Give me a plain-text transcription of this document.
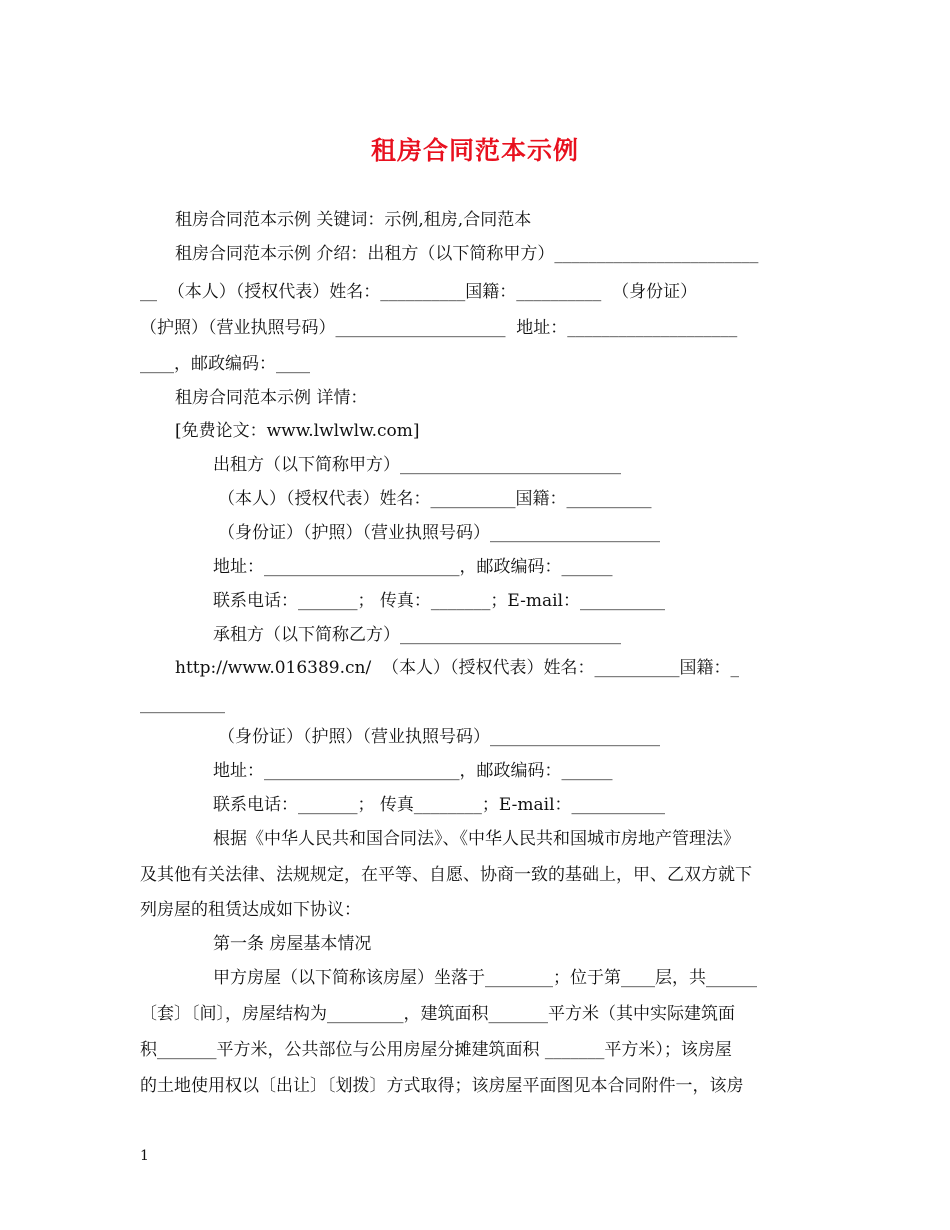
租房合同范本示例
租房合同范本示例 关键词：示例,租房,合同范本
租房合同范本示例 介绍：出租方（以下简称甲方）________________________
__  （本人）（授权代表）姓名：__________国籍：__________  （身份证）
（护照）（营业执照号码）____________________  地址：____________________
____，邮政编码：____
租房合同范本示例 详情：
[免费论文：www.lwlwlw.com]
出租方（以下简称甲方）__________________________
（本人）（授权代表）姓名：__________国籍：__________
（身份证）（护照）（营业执照号码）____________________
地址：_______________________，邮政编码：______
联系电话：_______； 传真：_______；E-mail：__________
承租方（以下简称乙方）__________________________
http://www.016389.cn/  （本人）（授权代表）姓名：__________国籍：_
__________
（身份证）（护照）（营业执照号码）____________________
地址：_______________________，邮政编码：______
联系电话：_______； 传真________；E-mail：___________
根据《中华人民共和国合同法》、《中华人民共和国城市房地产管理法》
及其他有关法律、法规规定，在平等、自愿、协商一致的基础上，甲、乙双方就下
列房屋的租赁达成如下协议：
第一条 房屋基本情况
甲方房屋（以下简称该房屋）坐落于________；位于第____层，共______
〔套〕〔间〕，房屋结构为_________，建筑面积_______平方米（其中实际建筑面
积_______平方米，公共部位与公用房屋分摊建筑面积 _______平方米）；该房屋
的土地使用权以〔出让〕〔划拨〕方式取得；该房屋平面图见本合同附件一，该房
1
